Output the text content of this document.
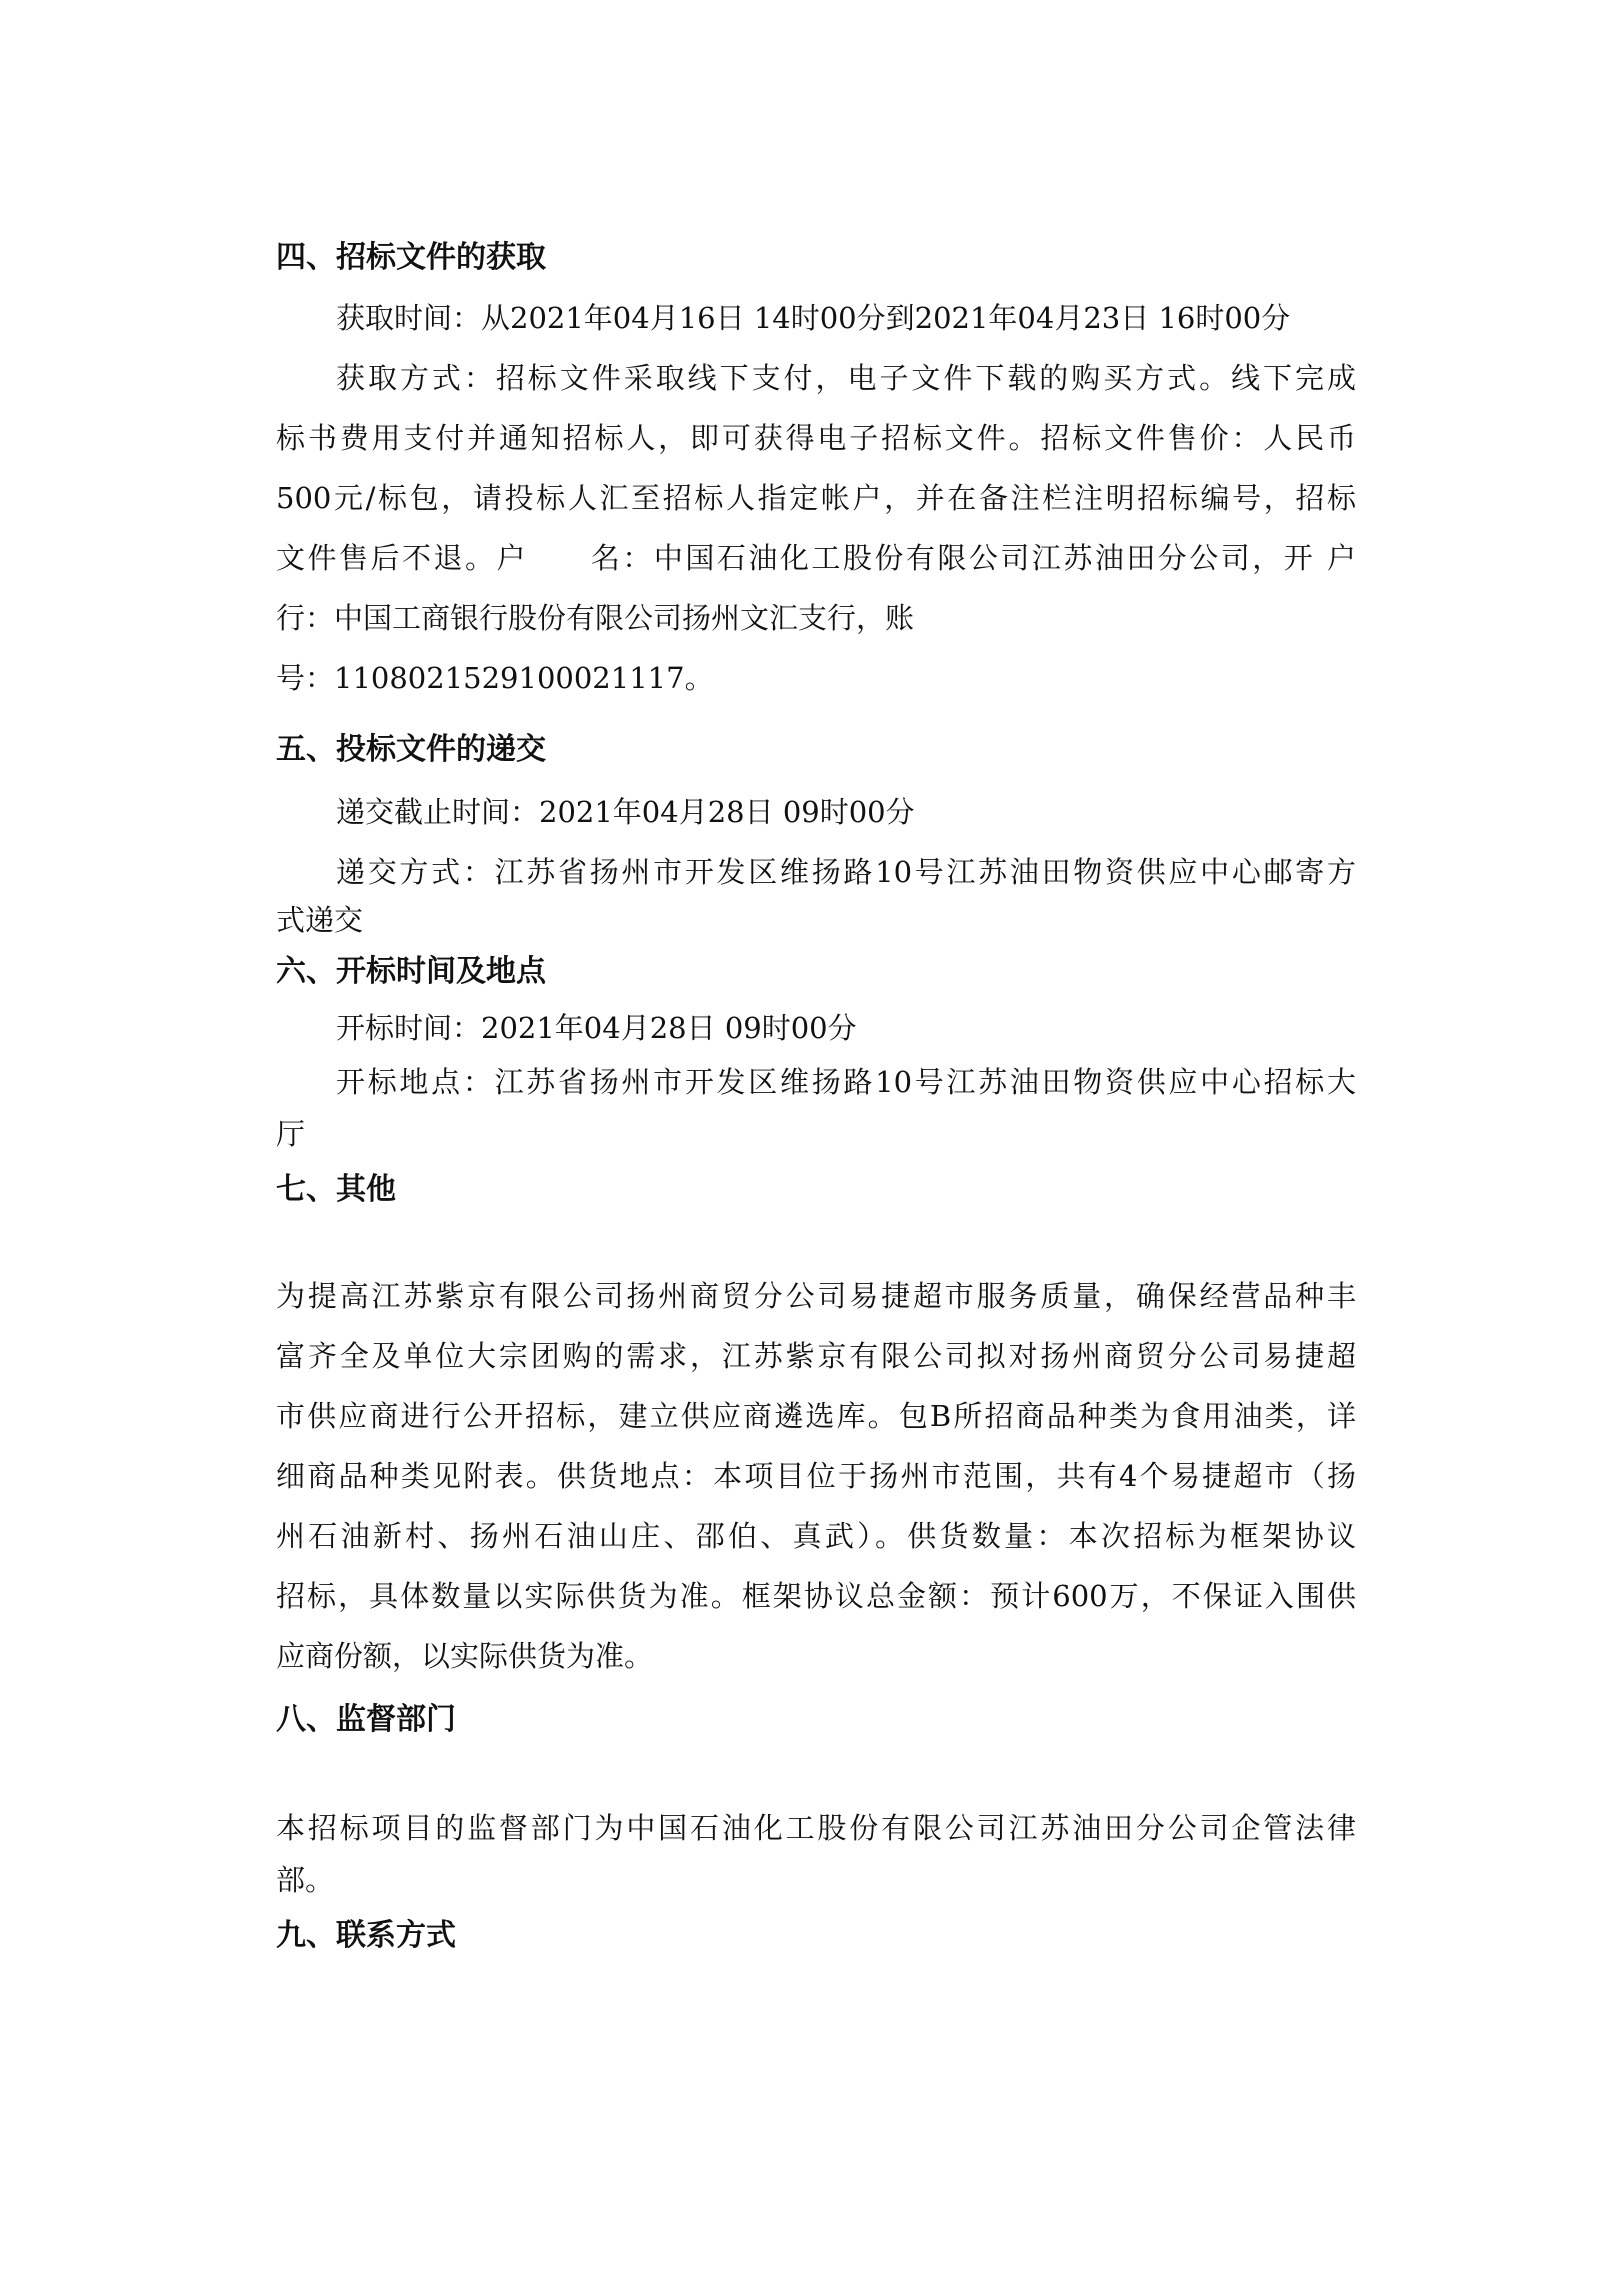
四、招标文件的获取
获取时间：从2021年04月16日 14时00分到2021年04月23日 16时00分
获取方式：招标文件采取线下支付，电子文件下载的购买方式。线下完成
标书费用支付并通知招标人，即可获得电子招标文件。招标文件售价：人民币
500元/标包，请投标人汇至招标人指定帐户，并在备注栏注明招标编号，招标
文件售后不退。户　　名：中国石油化工股份有限公司江苏油田分公司，开 户
行：中国工商银行股份有限公司扬州文汇支行，账
号：1108021529100021117。
五、投标文件的递交
递交截止时间：2021年04月28日 09时00分
递交方式：江苏省扬州市开发区维扬路10号江苏油田物资供应中心邮寄方
式递交
六、开标时间及地点
开标时间：2021年04月28日 09时00分
开标地点：江苏省扬州市开发区维扬路10号江苏油田物资供应中心招标大
厅
七、其他
为提高江苏紫京有限公司扬州商贸分公司易捷超市服务质量，确保经营品种丰
富齐全及单位大宗团购的需求，江苏紫京有限公司拟对扬州商贸分公司易捷超
市供应商进行公开招标，建立供应商遴选库。包B所招商品种类为食用油类，详
细商品种类见附表。供货地点：本项目位于扬州市范围，共有4个易捷超市（扬
州石油新村、扬州石油山庄、邵伯、真武）。供货数量：本次招标为框架协议
招标，具体数量以实际供货为准。框架协议总金额：预计600万，不保证入围供
应商份额，以实际供货为准。
八、监督部门
本招标项目的监督部门为中国石油化工股份有限公司江苏油田分公司企管法律
部。
九、联系方式
